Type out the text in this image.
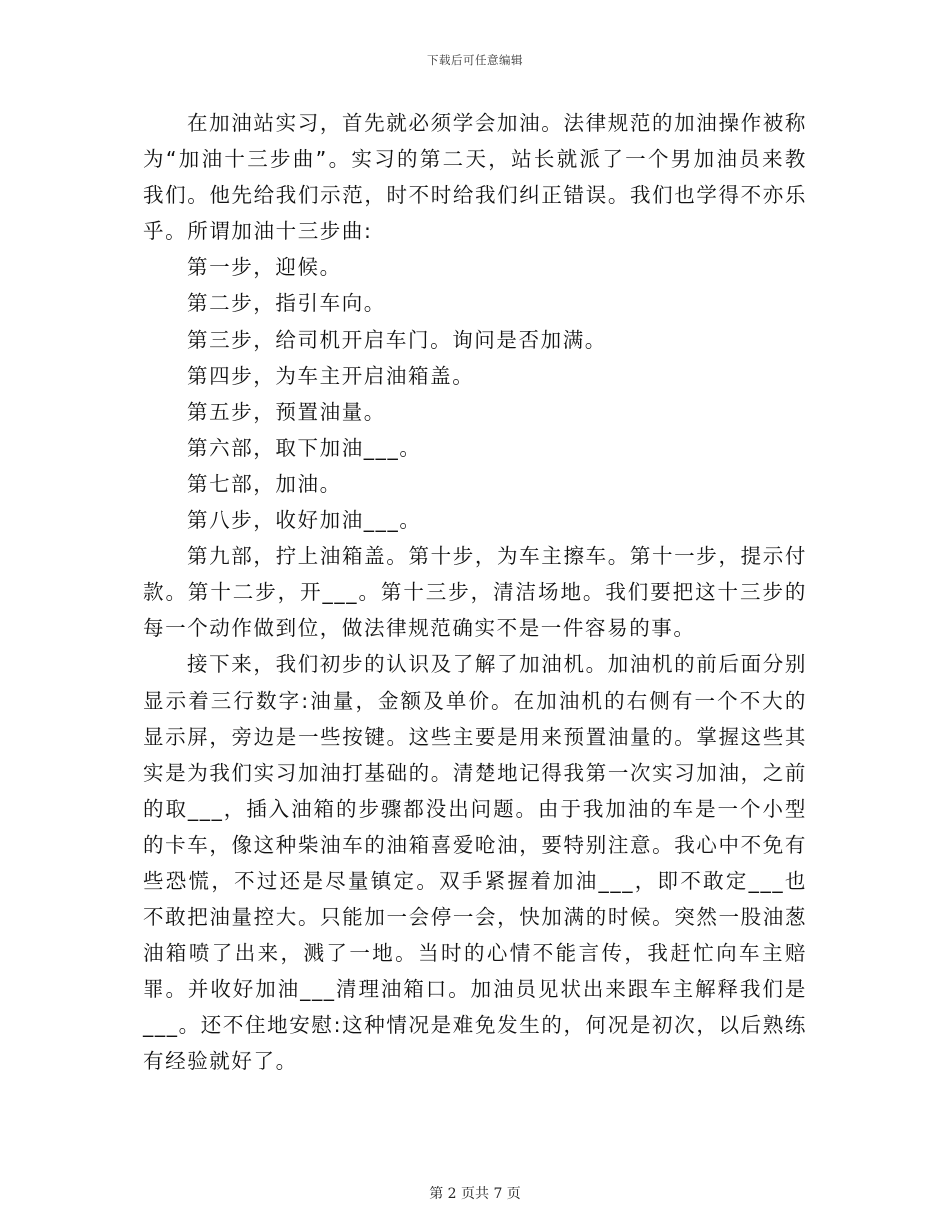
下载后可任意编辑

在加油站实习，首先就必须学会加油。法律规范的加油操作被称为“加油十三步曲”。实习的第二天，站长就派了一个男加油员来教我们。他先给我们示范，时不时给我们纠正错误。我们也学得不亦乐乎。所谓加油十三步曲:

第一步，迎候。

第二步，指引车向。

第三步，给司机开启车门。询问是否加满。

第四步，为车主开启油箱盖。

第五步，预置油量。

第六部，取下加油___。

第七部，加油。

第八步，收好加油___。

第九部，拧上油箱盖。第十步，为车主擦车。第十一步，提示付款。第十二步，开___。第十三步，清洁场地。我们要把这十三步的每一个动作做到位，做法律规范确实不是一件容易的事。

接下来，我们初步的认识及了解了加油机。加油机的前后面分别显示着三行数字:油量，金额及单价。在加油机的右侧有一个不大的显示屏，旁边是一些按键。这些主要是用来预置油量的。掌握这些其实是为我们实习加油打基础的。清楚地记得我第一次实习加油，之前的取___，插入油箱的步骤都没出问题。由于我加油的车是一个小型的卡车，像这种柴油车的油箱喜爱呛油，要特别注意。我心中不免有些恐慌，不过还是尽量镇定。双手紧握着加油___，即不敢定___也不敢把油量控大。只能加一会停一会，快加满的时候。突然一股油葱油箱喷了出来，溅了一地。当时的心情不能言传，我赶忙向车主赔罪。并收好加油___清理油箱口。加油员见状出来跟车主解释我们是___。还不住地安慰:这种情况是难免发生的，何况是初次，以后熟练有经验就好了。

第 2 页共 7 页
